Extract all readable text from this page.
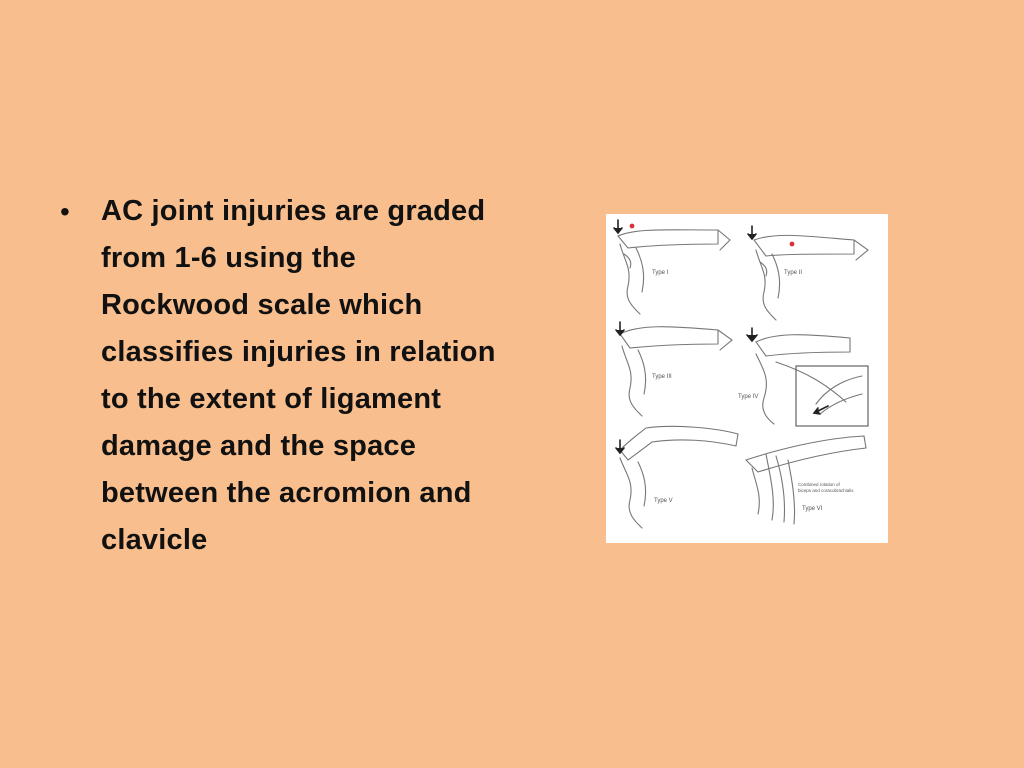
• AC joint injuries are graded from 1-6 using the Rockwood scale which classifies injuries in relation to the extent of ligament damage and the space between the acromion and clavicle
Type I	Type II
Type III
Type IV
Type V
Type VI
Combined rotation of
biceps and coracobrachialis
